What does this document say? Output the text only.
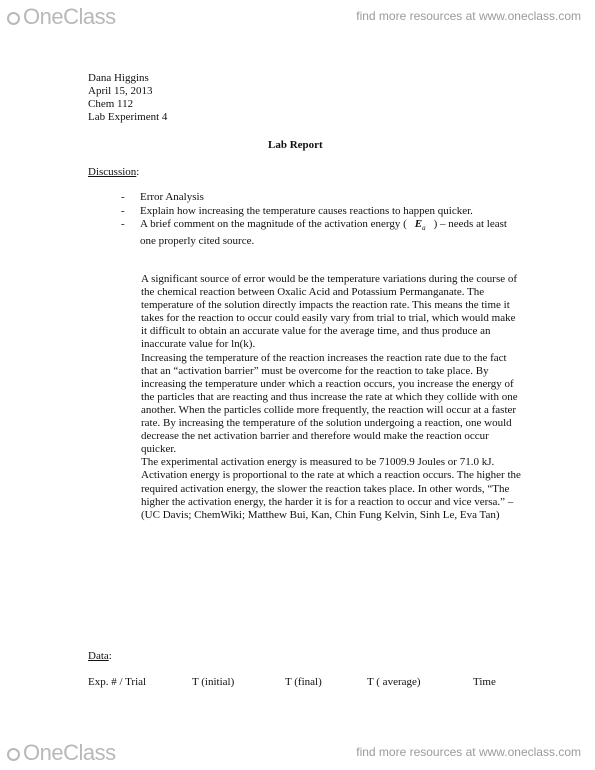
OneClass	find more resources at www.oneclass.com
Dana Higgins
April 15, 2013
Chem 112
Lab Experiment 4
Lab Report
Discussion:
- Error Analysis
- Explain how increasing the temperature causes reactions to happen quicker.
- A brief comment on the magnitude of the activation energy ( $E_a$ ) – needs at least one properly cited source.

A significant source of error would be the temperature variations during the course of the chemical reaction between Oxalic Acid and Potassium Permanganate. The temperature of the solution directly impacts the reaction rate. This means the time it takes for the reaction to occur could easily vary from trial to trial, which would make it difficult to obtain an accurate value for the average time, and thus produce an inaccurate value for ln(k).

Increasing the temperature of the reaction increases the reaction rate due to the fact that an “activation barrier” must be overcome for the reaction to take place. By increasing the temperature under which a reaction occurs, you increase the energy of the particles that are reacting and thus increase the rate at which they collide with one another. When the particles collide more frequently, the reaction will occur at a faster rate. By increasing the temperature of the solution undergoing a reaction, one would decrease the net activation barrier and therefore would make the reaction occur quicker.

The experimental activation energy is measured to be 71009.9 Joules or 71.0 kJ. Activation energy is proportional to the rate at which a reaction occurs. The higher the required activation energy, the slower the reaction takes place. In other words, “The higher the activation energy, the harder it is for a reaction to occur and vice versa.” – (UC Davis; ChemWiki; Matthew Bui, Kan, Chin Fung Kelvin, Sinh Le, Eva Tan)

Data:
Exp. # / Trial	T (initial)	T (final)	T ( average)	Time
OneClass	find more resources at www.oneclass.com
